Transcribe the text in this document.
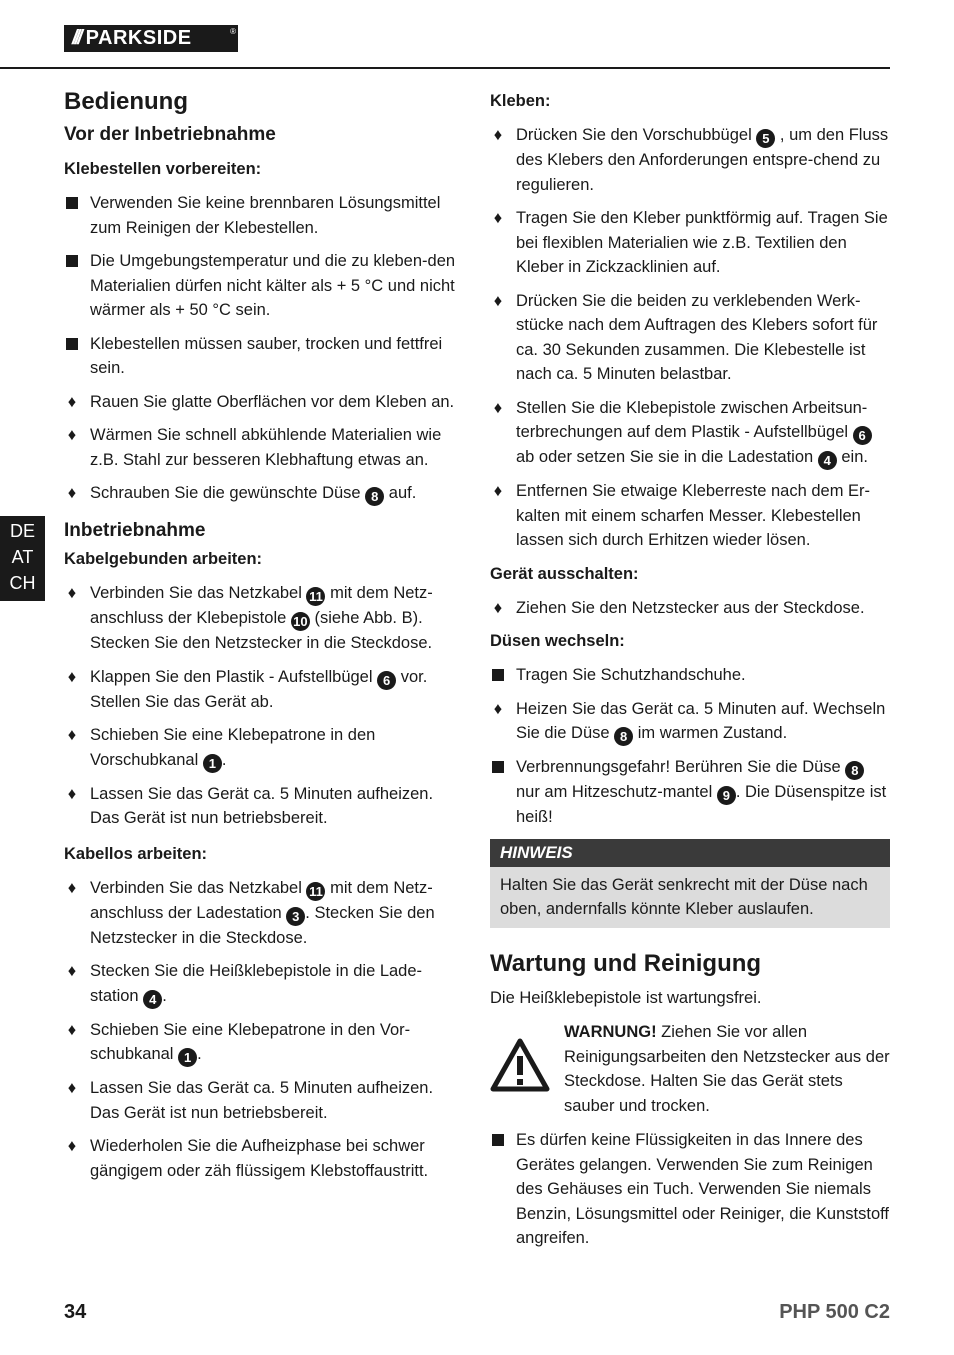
/// PARKSIDE	®
DE
AT
CH
Bedienung
Vor der Inbetriebnahme
Klebestellen vorbereiten:
Verwenden Sie keine brennbaren Lösungsmittel zum Reinigen der Klebestellen.
Die Umgebungstemperatur und die zu kleben-den Materialien dürfen nicht kälter als + 5 °C und nicht wärmer als + 50 °C sein.
Klebestellen müssen sauber, trocken und fettfrei sein.
♦ Rauen Sie glatte Oberflächen vor dem Kleben an.
♦ Wärmen Sie schnell abkühlende Materialien wie z.B. Stahl zur besseren Klebhaftung etwas an.
♦ Schrauben Sie die gewünschte Düse 8 auf.
Inbetriebnahme
Kabelgebunden arbeiten:
♦ Verbinden Sie das Netzkabel 11 mit dem Netz-anschluss der Klebepistole 10 (siehe Abb. B). Stecken Sie den Netzstecker in die Steckdose.
♦ Klappen Sie den Plastik - Aufstellbügel 6 vor. Stellen Sie das Gerät ab.
♦ Schieben Sie eine Klebepatrone in den Vorschubkanal 1 .
♦ Lassen Sie das Gerät ca. 5 Minuten aufheizen. Das Gerät ist nun betriebsbereit.
Kabellos arbeiten:
♦ Verbinden Sie das Netzkabel 11 mit dem Netz-anschluss der Ladestation 3 . Stecken Sie den Netzstecker in die Steckdose.
♦ Stecken Sie die Heißklebepistole in die Lade-station 4 .
♦ Schieben Sie eine Klebepatrone in den Vor-schubkanal 1 .
♦ Lassen Sie das Gerät ca. 5 Minuten aufheizen. Das Gerät ist nun betriebsbereit.
♦ Wiederholen Sie die Aufheizphase bei schwer gängigem oder zäh flüssigem Klebstoffaustritt.
Kleben:
♦ Drücken Sie den Vorschubbügel 5 , um den Fluss des Klebers den Anforderungen entspre-chend zu regulieren.
♦ Tragen Sie den Kleber punktförmig auf. Tragen Sie bei flexiblen Materialien wie z.B. Textilien den Kleber in Zickzacklinien auf.
♦ Drücken Sie die beiden zu verklebenden Werk-stücke nach dem Auftragen des Klebers sofort für ca. 30 Sekunden zusammen. Die Klebestelle ist nach ca. 5 Minuten belastbar.
♦ Stellen Sie die Klebepistole zwischen Arbeitsun-terbrechungen auf dem Plastik - Aufstellbügel 6 ab oder setzen Sie sie in die Ladestation 4 ein.
♦ Entfernen Sie etwaige Kleberreste nach dem Er-kalten mit einem scharfen Messer. Klebestellen lassen sich durch Erhitzen wieder lösen.
Gerät ausschalten:
♦ Ziehen Sie den Netzstecker aus der Steckdose.
Düsen wechseln:
Tragen Sie Schutzhandschuhe.
♦ Heizen Sie das Gerät ca. 5 Minuten auf. Wechseln Sie die Düse 8 im warmen Zustand.
Verbrennungsgefahr! Berühren Sie die Düse 8 nur am Hitzeschutz-mantel 9 . Die Düsenspitze ist heiß!
HINWEIS
Halten Sie das Gerät senkrecht mit der Düse nach oben, andernfalls könnte Kleber auslaufen.
Wartung und Reinigung

Die Heißklebepistole ist wartungsfrei.

WARNUNG! Ziehen Sie vor allen Reinigungsarbeiten den Netzstecker aus der Steckdose. Halten Sie das Gerät stets sauber und trocken.
Es dürfen keine Flüssigkeiten in das Innere des Gerätes gelangen. Verwenden Sie zum Reinigen des Gehäuses ein Tuch. Verwenden Sie niemals Benzin, Lösungsmittel oder Reiniger, die Kunststoff angreifen.
34	PHP 500 C2
